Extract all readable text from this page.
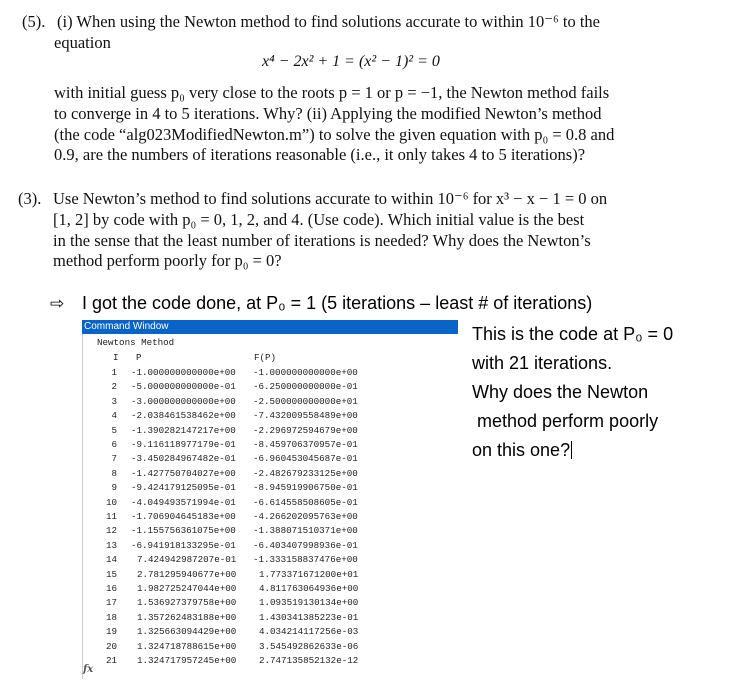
(5). (i) When using the Newton method to find solutions accurate to within 10⁻⁶ to the
equation
x⁴ − 2x² + 1 = (x² − 1)² = 0
with initial guess p₀ very close to the roots p = 1 or p = −1, the Newton method fails
to converge in 4 to 5 iterations. Why? (ii) Applying the modified Newton’s method
(the code “alg023ModifiedNewton.m”) to solve the given equation with p₀ = 0.8 and
0.9, are the numbers of iterations reasonable (i.e., it only takes 4 to 5 iterations)?
(3). Use Newton’s method to find solutions accurate to within 10⁻⁶ for x³ − x − 1 = 0 on
[1, 2] by code with p₀ = 0, 1, 2, and 4. (Use code). Which initial value is the best
in the sense that the least number of iterations is needed? Why does the Newton’s
method perform poorly for p₀ = 0?
⇨ I got the code done, at P₀ = 1 (5 iterations – least # of iterations)
This is the code at P₀ = 0
with 21 iterations.
Why does the Newton
method perform poorly
on this one?
Command Window
Newtons Method
I P	F(P)
1 -1.000000000000e+00 -1.000000000000e+00
2 -5.000000000000e-01 -6.250000000000e-01
3 -3.000000000000e+00 -2.500000000000e+01
4 -2.038461538462e+00 -7.432009558489e+00
5 -1.390282147217e+00 -2.296972594679e+00
6 -9.116118977179e-01 -8.459706370957e-01
7 -3.450284967482e-01 -6.960453045687e-01
8 -1.427750704027e+00 -2.482679233125e+00
9 -9.424179125095e-01 -8.945919906750e-01
10 -4.049493571994e-01 -6.614558508605e-01
11 -1.706904645183e+00 -4.266202095763e+00
12 -1.155756361075e+00 -1.388071510371e+00
13 -6.941918133295e-01 -6.403407998936e-01
14 7.424942987207e-01 -1.333158837476e+00
15 2.781295940677e+00 1.773371671200e+01
16 1.982725247044e+00 4.811763064936e+00
17 1.536927379758e+00 1.093519130134e+00
18 1.357262483188e+00 1.430341385223e-01
19 1.325663094429e+00 4.034214117256e-03
20 1.324718788615e+00 3.545492862633e-06
21 1.324717957245e+00 2.747135852132e-12
fx
